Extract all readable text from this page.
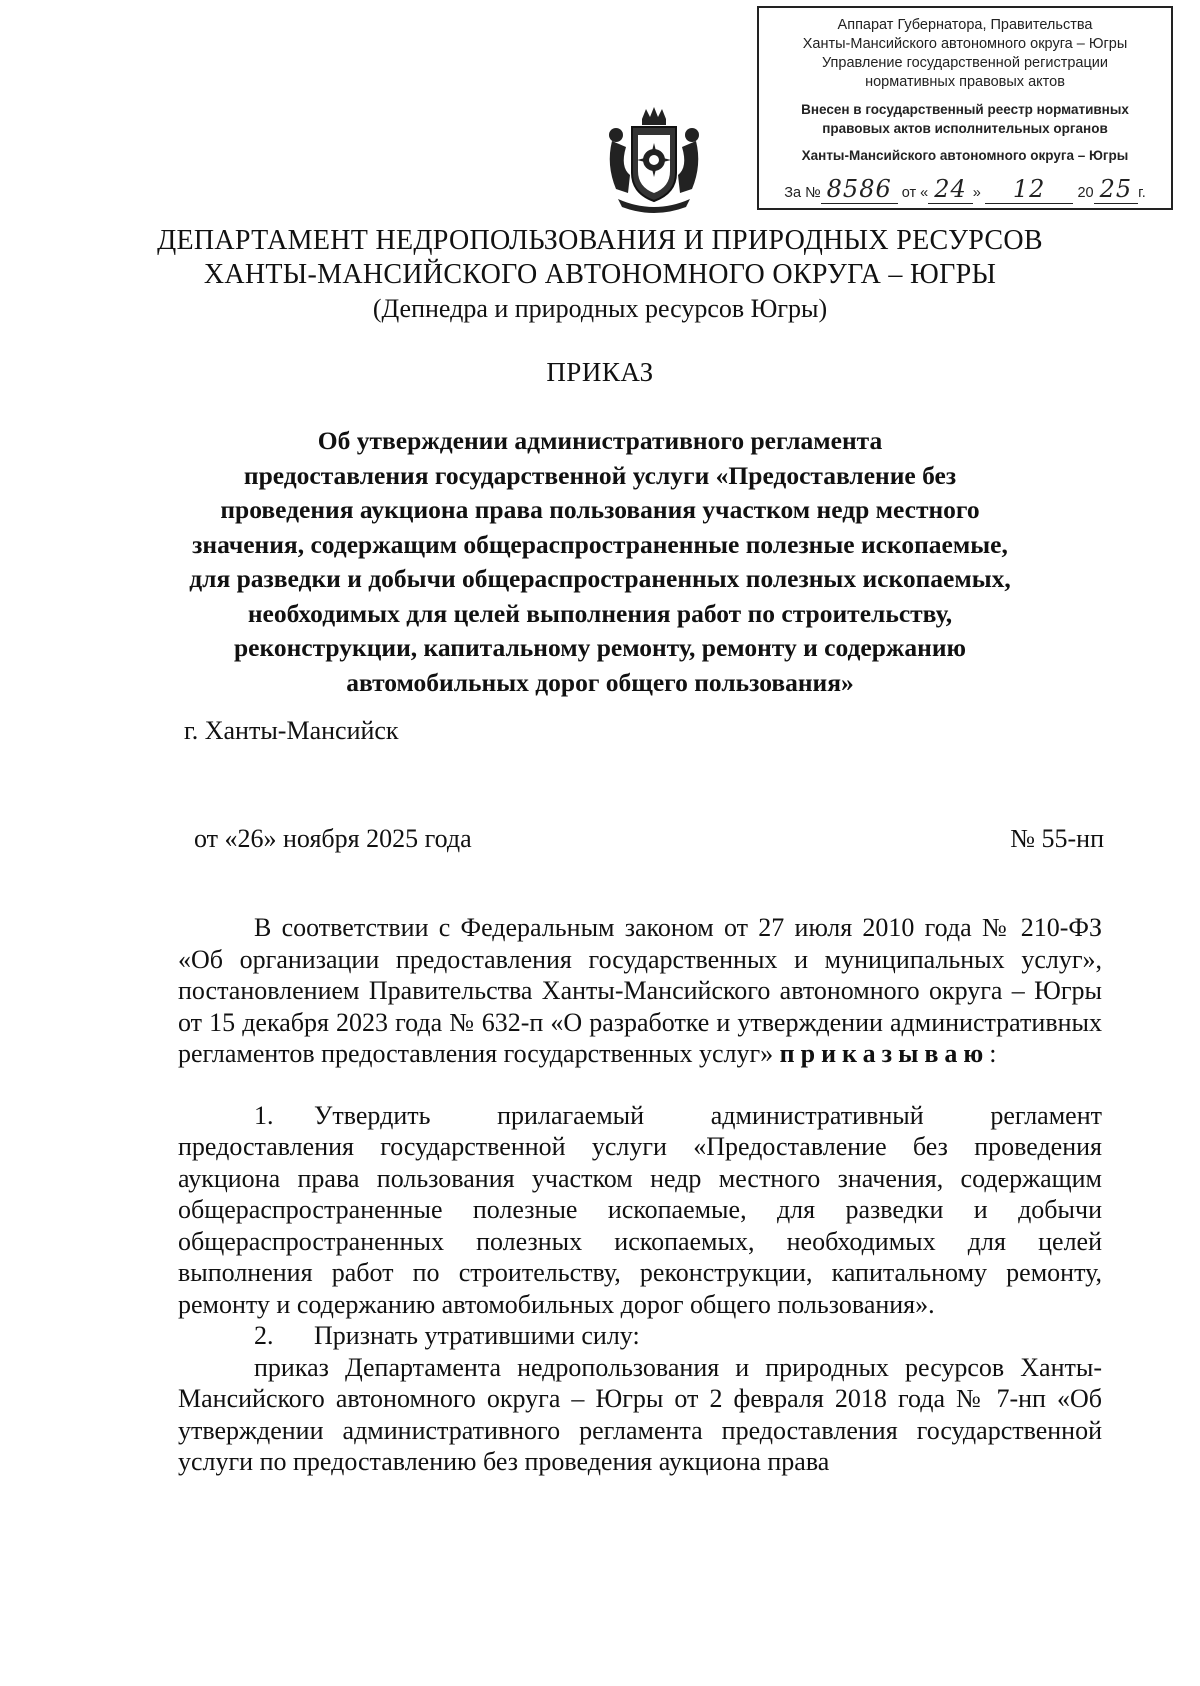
Аппарат Губернатора, Правительства
Ханты-Мансийского автономного округа – Югры
Управление государственной регистрации
нормативных правовых актов
Внесен в государственный реестр нормативных
правовых актов исполнительных органов
Ханты-Мансийского автономного округа – Югры
За № 8586 от « 24 » 12 20 25 г.
ДЕПАРТАМЕНТ НЕДРОПОЛЬЗОВАНИЯ И ПРИРОДНЫХ РЕСУРСОВ
ХАНТЫ-МАНСИЙСКОГО АВТОНОМНОГО ОКРУГА – ЮГРЫ
(Депнедра и природных ресурсов Югры)
ПРИКАЗ
Об утверждении административного регламента
предоставления государственной услуги «Предоставление без
проведения аукциона права пользования участком недр местного
значения, содержащим общераспространенные полезные ископаемые,
для разведки и добычи общераспространенных полезных ископаемых,
необходимых для целей выполнения работ по строительству,
реконструкции, капитальному ремонту, ремонту и содержанию
автомобильных дорог общего пользования»
г. Ханты-Мансийск
от «26» ноября 2025 года	№ 55-нп

В соответствии с Федеральным законом от 27 июля 2010 года № 210-ФЗ «Об организации предоставления государственных и муниципальных услуг», постановлением Правительства Ханты-Мансийского автономного округа – Югры от 15 декабря 2023 года № 632-п «О разработке и утверждении административных регламентов предоставления государственных услуг» приказываю:

1. Утвердить прилагаемый административный регламент предоставления государственной услуги «Предоставление без проведения аукциона права пользования участком недр местного значения, содержащим общераспространенные полезные ископаемые, для разведки и добычи общераспространенных полезных ископаемых, необходимых для целей выполнения работ по строительству, реконструкции, капитальному ремонту, ремонту и содержанию автомобильных дорог общего пользования».

2. Признать утратившими силу:

приказ Департамента недропользования и природных ресурсов Ханты-Мансийского автономного округа – Югры от 2 февраля 2018 года № 7-нп «Об утверждении административного регламента предоставления государственной услуги по предоставлению без проведения аукциона права
